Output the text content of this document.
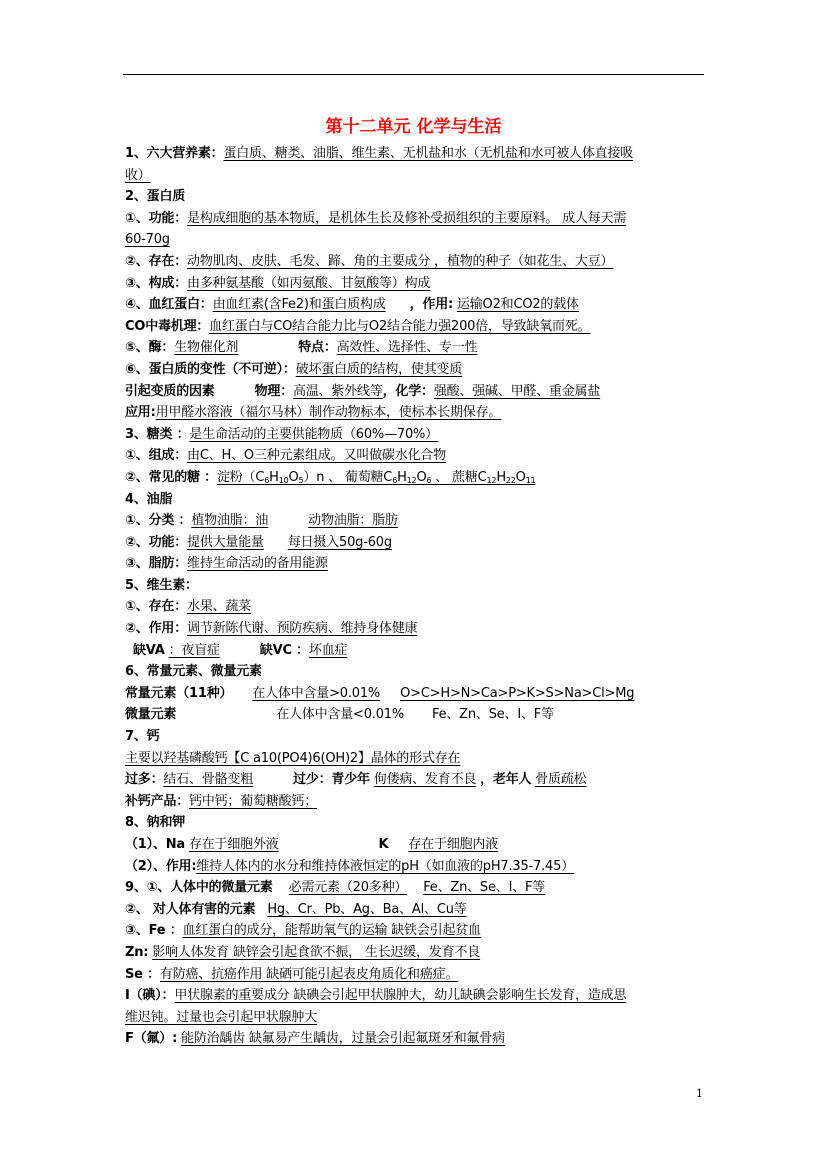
第十二单元 化学与生活
1、六大营养素：蛋白质、糖类、油脂、维生素、无机盐和水（无机盐和水可被人体直接吸
收）
2、蛋白质
①、功能：是构成细胞的基本物质，是机体生长及修补受损组织的主要原料。 成人每天需
60-70g
②、存在：动物肌肉、皮肤、毛发、蹄、角的主要成分 ，植物的种子（如花生、大豆）
③、构成：由多种氨基酸（如丙氨酸、甘氨酸等）构成
④、血红蛋白：由血红素(含Fe2)和蛋白质构成 ，作用: 运输O2和CO2的载体
CO中毒机理：血红蛋白与CO结合能力比与O2结合能力强200倍，导致缺氧而死。
⑤、酶：生物催化剂	特点：高效性、选择性、专一性
⑥、蛋白质的变性（不可逆）：破坏蛋白质的结构，使其变质
引起变质的因素	物理：高温、紫外线等，化学：强酸、强碱、甲醛、重金属盐
应用:用甲醛水溶液（福尔马林）制作动物标本，使标本长期保存。
3、糖类 ：是生命活动的主要供能物质（60%—70%）
①、组成：由C、H、O三种元素组成。又叫做碳水化合物
②、常见的糖 ：淀粉$(C_6H_{10}O_5)n$ 、 葡萄糖$C_6H_{12}O_6$ 、 蔗糖$C_{12}H_{22}O_{11}$
4、油脂
①、分类 ：植物油脂：油	动物油脂：脂肪
②、功能：提供大量能量 每日摄入50g-60g
③、脂肪：维持生命活动的备用能源
5、维生素：
①、存在：水果、蔬菜
②、作用：调节新陈代谢、预防疾病、维持身体健康
缺VA ：夜盲症	缺VC ：坏血症
6、常量元素、微量元素
常量元素（11种） 在人体中含量>0.01% O>C>H>N>Ca>P>K>S>Na>Cl>Mg
微量元素	在人体中含量<0.01% Fe、Zn、Se、I、F等
7、钙
主要以羟基磷酸钙【C a10(PO4)6(OH)2】晶体的形式存在
过多：结石、骨骼变粗	过少：青少年 佝偻病、发育不良 ，老年人 骨质疏松
补钙产品：钙中钙；葡萄糖酸钙；
8、钠和钾
（1）、Na 存在于细胞外液	K 存在于细胞内液
（2）、作用:维持人体内的水分和维持体液恒定的pH（如血液的pH7.35-7.45）
9、①、人体中的微量元素 必需元素（20多种） Fe、Zn、Se、I、F等
②、 对人体有害的元素 Hg、Cr、Pb、Ag、Ba、Al、Cu等
③、Fe ：血红蛋白的成分，能帮助氧气的运输 缺铁会引起贫血
Zn: 影响人体发育 缺锌会引起食欲不振， 生长迟缓，发育不良
Se ：有防癌、抗癌作用 缺硒可能引起表皮角质化和癌症。
I（碘）：甲状腺素的重要成分 缺碘会引起甲状腺肿大，幼儿缺碘会影响生长发育，造成思
维迟钝。过量也会引起甲状腺肿大
F（氟）: 能防治龋齿 缺氟易产生龋齿，过量会引起氟斑牙和氟骨病
1
